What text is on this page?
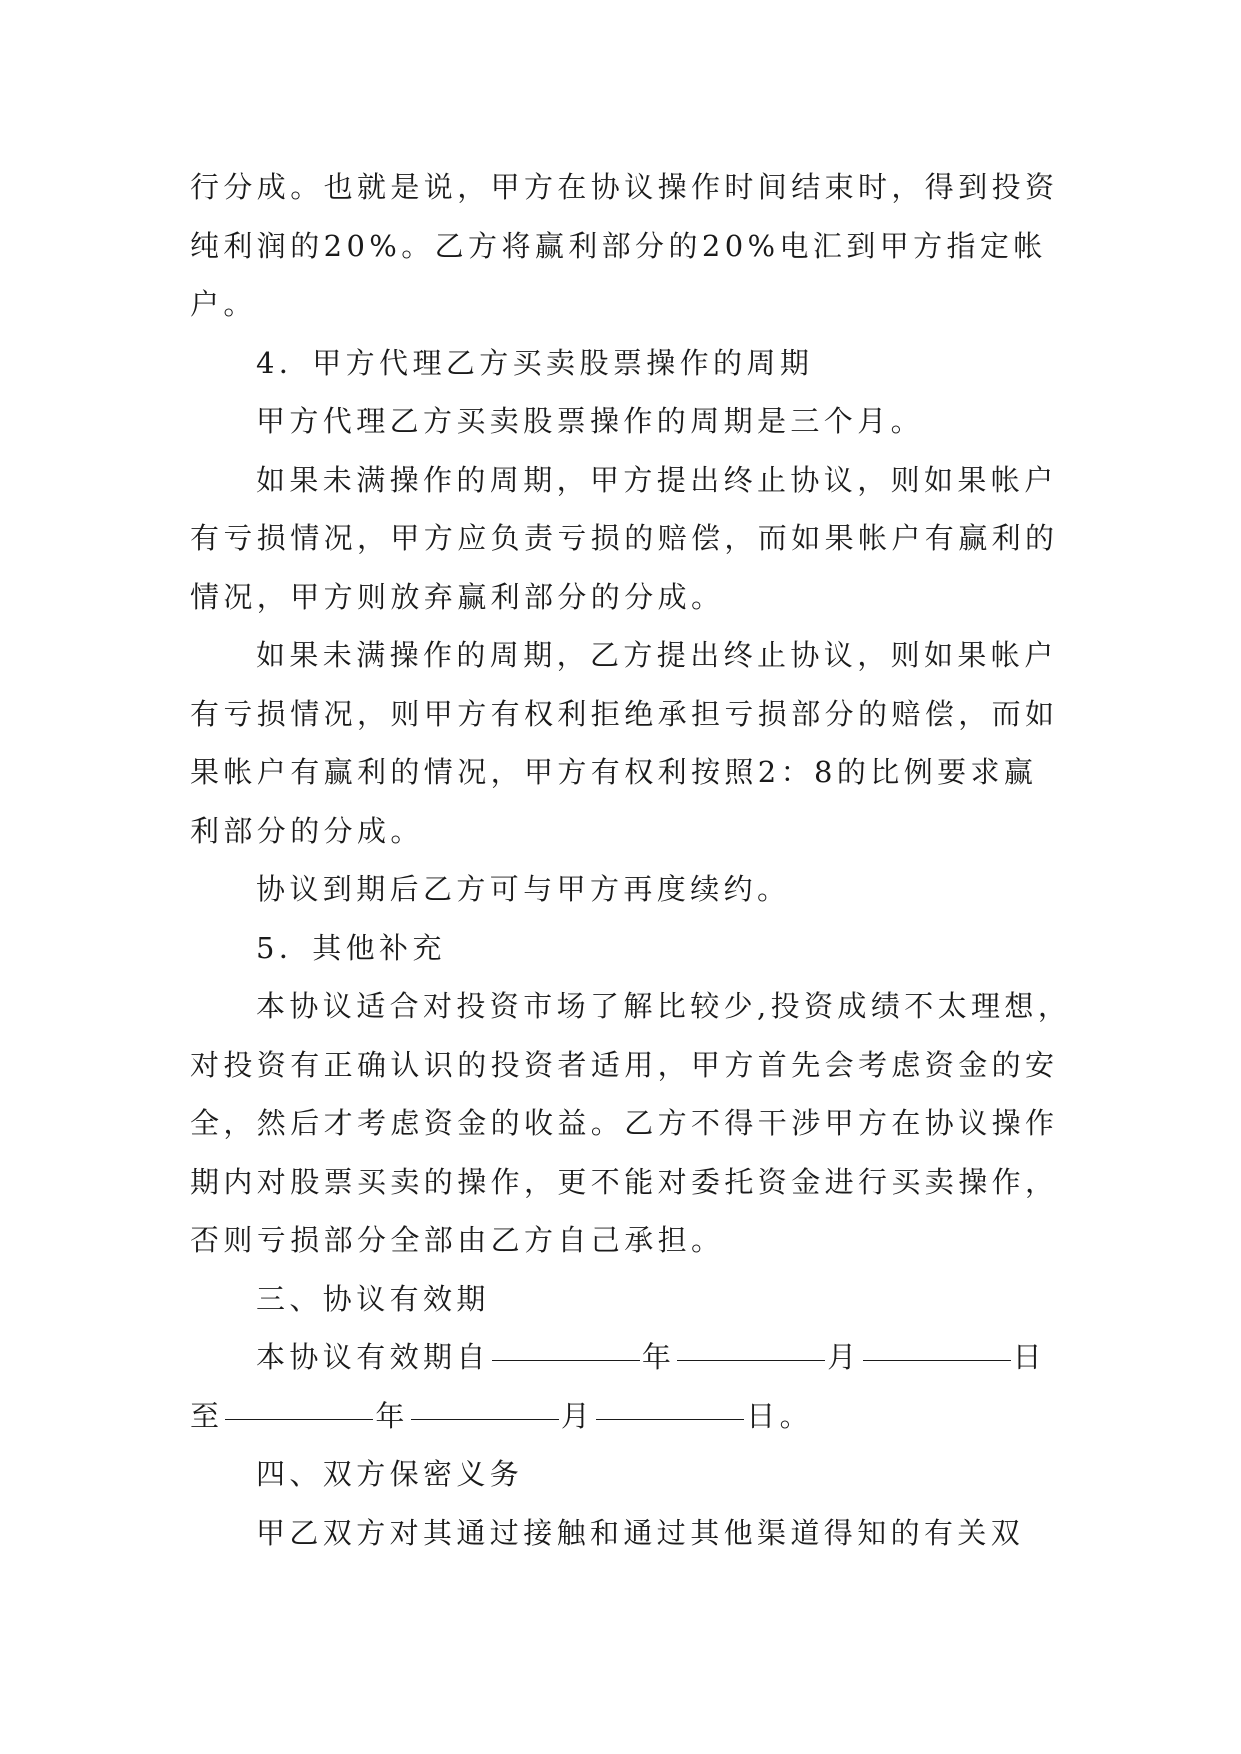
行分成。也就是说，甲方在协议操作时间结束时，得到投资
纯利润的20%。乙方将赢利部分的20%电汇到甲方指定帐
户。
4．甲方代理乙方买卖股票操作的周期
甲方代理乙方买卖股票操作的周期是三个月。
如果未满操作的周期，甲方提出终止协议，则如果帐户
有亏损情况，甲方应负责亏损的赔偿，而如果帐户有赢利的
情况，甲方则放弃赢利部分的分成。
如果未满操作的周期，乙方提出终止协议，则如果帐户
有亏损情况，则甲方有权利拒绝承担亏损部分的赔偿，而如
果帐户有赢利的情况，甲方有权利按照2：8的比例要求赢
利部分的分成。
协议到期后乙方可与甲方再度续约。
5．其他补充
本协议适合对投资市场了解比较少,投资成绩不太理想，
对投资有正确认识的投资者适用，甲方首先会考虑资金的安
全，然后才考虑资金的收益。乙方不得干涉甲方在协议操作
期内对股票买卖的操作，更不能对委托资金进行买卖操作，
否则亏损部分全部由乙方自己承担。
三、协议有效期
本协议有效期自	年	月	日
至	年	月	日。
四、双方保密义务
甲乙双方对其通过接触和通过其他渠道得知的有关双
